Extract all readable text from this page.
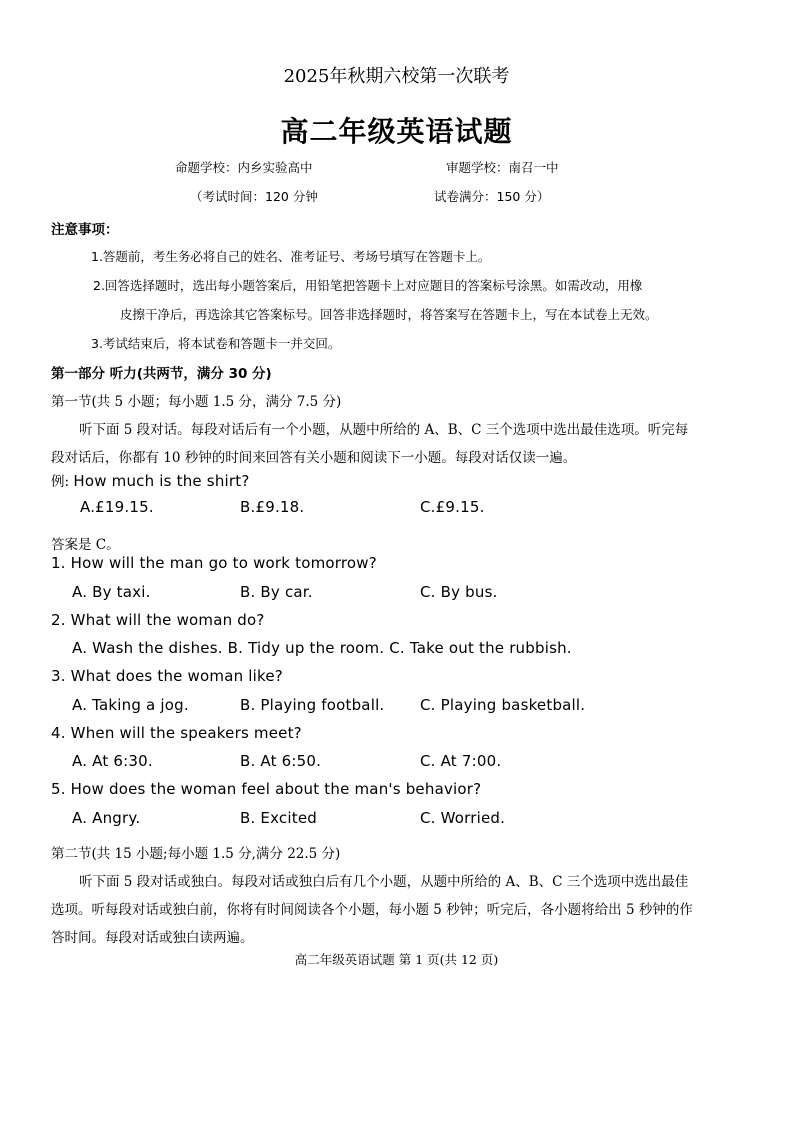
2025年秋期六校第一次联考
高二年级英语试题
命题学校：内乡实验高中	审题学校：南召一中
（考试时间：120 分钟	试卷满分：150 分）
注意事项：
1.答题前，考生务必将自己的姓名、准考证号、考场号填写在答题卡上。
2.回答选择题时，选出每小题答案后，用铅笔把答题卡上对应题目的答案标号涂黑。如需改动，用橡
皮擦干净后，再选涂其它答案标号。回答非选择题时，将答案写在答题卡上，写在本试卷上无效。
3.考试结束后，将本试卷和答题卡一并交回。
第一部分 听力(共两节，满分 30 分)
第一节(共 5 小题；每小题 1.5 分，满分 7.5 分)
听下面 5 段对话。每段对话后有一个小题，从题中所给的 A、B、C 三个选项中选出最佳选项。听完每
段对话后，你都有 10 秒钟的时间来回答有关小题和阅读下一小题。每段对话仅读一遍。
例: How much is the shirt?
A.£19.15.	B.£9.18.	C.£9.15.
答案是 C。
1. How will the man go to work tomorrow?
A. By taxi.	B. By car.	C. By bus.
2. What will the woman do?
A. Wash the dishes. B. Tidy up the room. C. Take out the rubbish.
3. What does the woman like?
A. Taking a jog.	B. Playing football. C. Playing basketball.
4. When will the speakers meet?
A. At 6:30.	B. At 6:50.	C. At 7:00.
5. How does the woman feel about the man's behavior?
A. Angry.	B. Excited	C. Worried.
第二节(共 15 小题;每小题 1.5 分,满分 22.5 分)
听下面 5 段对话或独白。每段对话或独白后有几个小题，从题中所给的 A、B、C 三个选项中选出最佳
选项。听每段对话或独白前，你将有时间阅读各个小题，每小题 5 秒钟；听完后，各小题将给出 5 秒钟的作
答时间。每段对话或独白读两遍。
高二年级英语试题 第 1 页(共 12 页)
